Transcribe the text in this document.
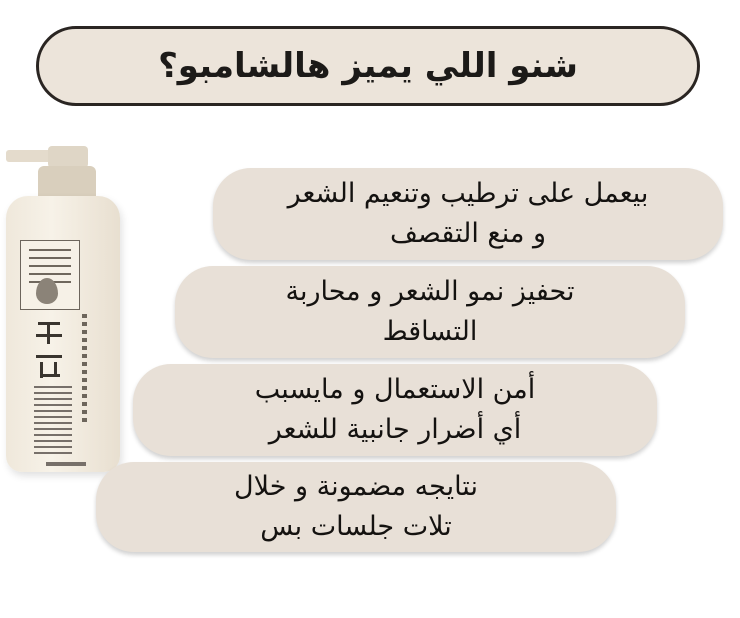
شنو اللي يميز هالشامبو؟
بيعمل على ترطيب وتنعيم الشعر
و منع التقصف
تحفيز نمو الشعر و محاربة
التساقط
أمن الاستعمال و مايسبب
أي أضرار جانبية للشعر
نتايجه مضمونة و خلال
تلات جلسات بس
